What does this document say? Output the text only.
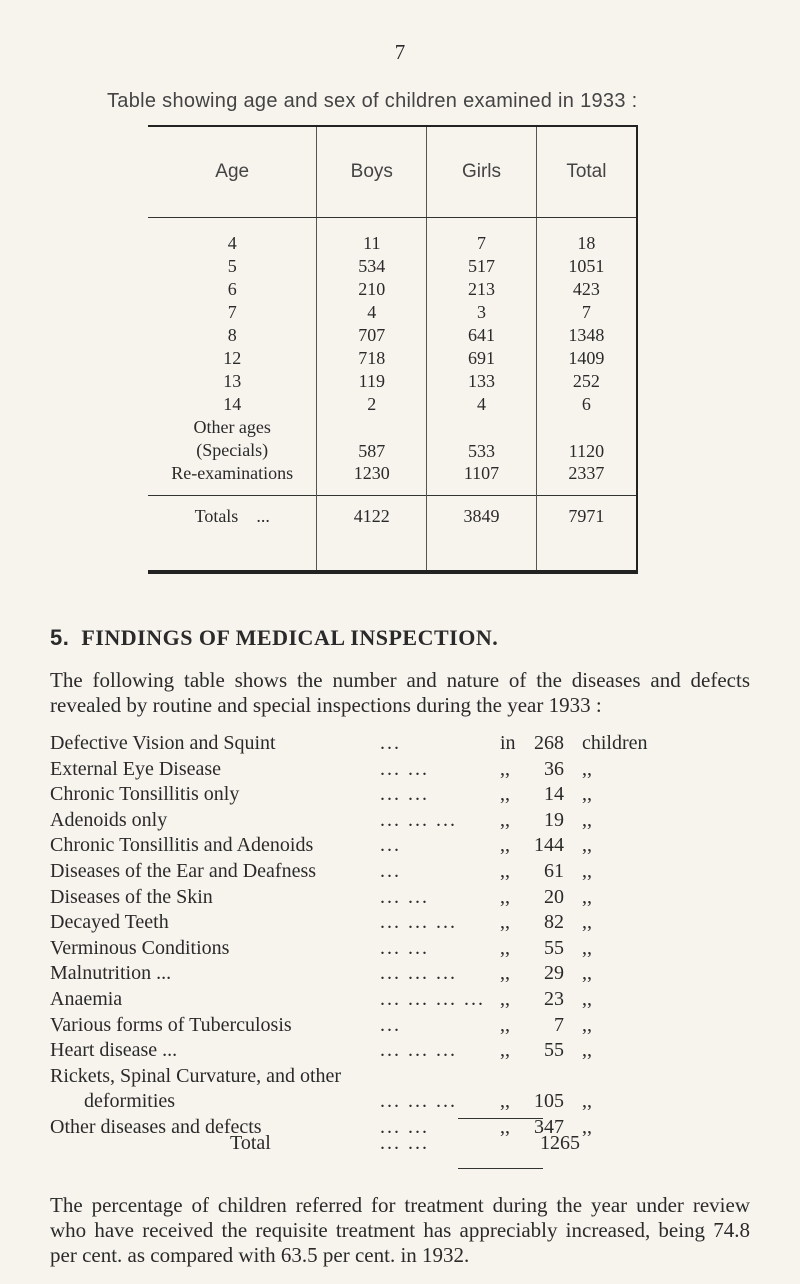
7
Table showing age and sex of children examined in 1933 :
Age	Boys	Girls	Total
4	11	7	18
5	534	517	1051
6	210	213	423
7	4	3	7
8	707	641	1348
12	718	691	1409
13	119	133	252
14	2	4	6

Other ages
(Specials)	587	533	1120
Re-examinations	1230	1107	2337
Totals ...	4122	3849	7971
5. FINDINGS OF MEDICAL INSPECTION.
The following table shows the number and nature of the diseases and defects revealed by routine and special inspections during the year 1933 :
Defective Vision and Squint	...	in 268 children
External Eye Disease	... ...	,,	36 ,,
Chronic Tonsillitis only	... ...	,,	14 ,,
Adenoids only	... ... ...	,,	19 ,,
Chronic Tonsillitis and Adenoids	...	,,	144 ,,
Diseases of the Ear and Deafness	...	,,	61 ,,
Diseases of the Skin	... ...	,,	20 ,,
Decayed Teeth	... ... ...	,,	82 ,,
Verminous Conditions	... ...	,,	55 ,,
Malnutrition ...	... ... ...	,,	29 ,,
Anaemia	... ... ... ... ,,	23 ,,
Various forms of Tuberculosis	...	,,	7 ,,
Heart disease ...	... ... ...	,,	55 ,,
Rickets, Spinal Curvature, and other
deformities	... ... ...	,,	105 ,,
Other diseases and defects	... ...	,,	347 ,,
Total	... ...	1265
The percentage of children referred for treatment during the year under review who have received the requisite treatment has appreciably increased, being 74.8 per cent. as compared with 63.5 per cent. in 1932.
